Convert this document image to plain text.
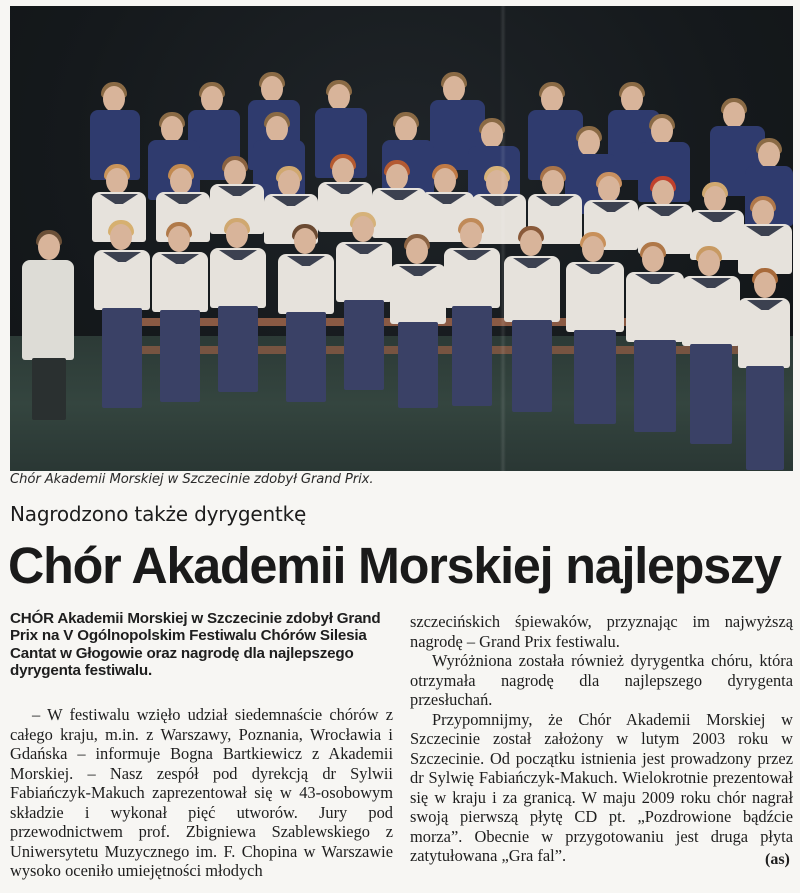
Chór Akademii Morskiej w Szczecinie zdobył Grand Prix.
Nagrodzono także dyrygentkę
Chór Akademii Morskiej najlepszy
CHÓR Akademii Morskiej w Szczecinie zdobył Grand Prix na V Ogólnopolskim Festiwalu Chórów Silesia Cantat w Głogowie oraz nagrodę dla najlepszego dyrygenta festiwalu.

– W festiwalu wzięło udział siedemnaście chórów z całego kraju, m.in. z Warszawy, Poznania, Wrocławia i Gdańska – informuje Bogna Bartkiewicz z Akademii Morskiej. – Nasz zespół pod dyrekcją dr Sylwii Fabiańczyk-Makuch zaprezentował się w 43-osobowym składzie i wykonał pięć utworów. Jury pod przewodnictwem prof. Zbigniewa Szablewskiego z Uniwersytetu Muzycznego im. F. Chopina w Warszawie wysoko oceniło umiejętności młodych

szczecińskich śpiewaków, przyznając im najwyższą nagrodę – Grand Prix festiwalu.

Wyróżniona została również dyrygentka chóru, która otrzymała nagrodę dla najlepszego dyrygenta przesłuchań.

Przypomnijmy, że Chór Akademii Morskiej w Szczecinie został założony w lutym 2003 roku w Szczecinie. Od początku istnienia jest prowadzony przez dr Sylwię Fabiańczyk-Makuch. Wielokrotnie prezentował się w kraju i za granicą. W maju 2009 roku chór nagrał swoją pierwszą płytę CD pt. „Pozdrowione bądźcie morza”. Obecnie w przygotowaniu jest druga płyta zatytułowana „Gra fal”.	(as)
